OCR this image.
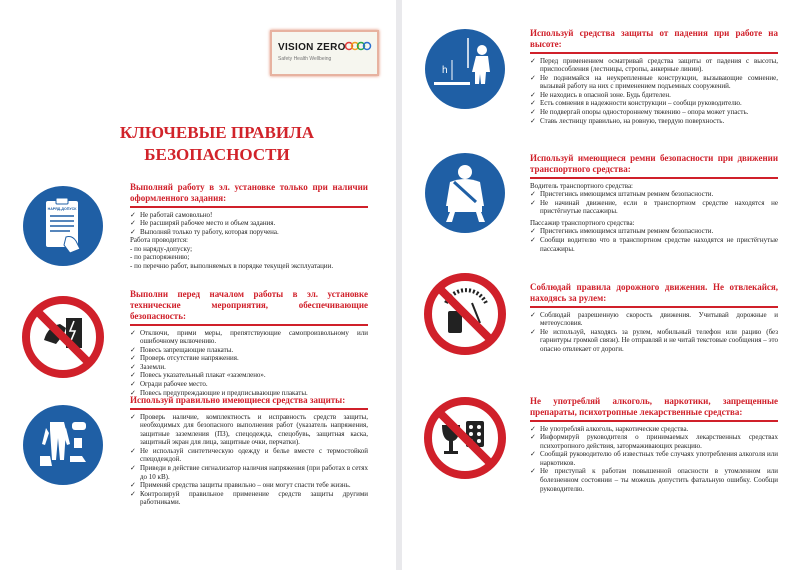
VISION ZERO
Safety Health Wellbeing
КЛЮЧЕВЫЕ ПРАВИЛА
БЕЗОПАСНОСТИ
НАРЯД-ДОПУСК
Выполняй работу в эл. установке только при наличии оформленного задания:
✓ Не работай самовольно!
✓ Не расширяй рабочее место и объем задания.
✓ Выполняй только ту работу, которая поручена.
Работа проводится:
- по наряду-допуску;
- по распоряжению;
- по перечню работ, выполняемых в порядке текущей эксплуатации.
Выполни перед началом работы в эл. установке технические мероприятия, обеспечивающие безопасность:
✓ Отключи, прими меры, препятствующие самопроизвольному или ошибочному включению.
✓ Повесь запрещающие плакаты.
✓ Проверь отсутствие напряжения.
✓ Заземли.
✓ Повесь указательный плакат «заземлено».
✓ Огради рабочее место.
✓ Повесь предупреждающие и предписывающие плакаты.
Используй правильно имеющиеся средства защиты:
✓ Проверь наличие, комплектность и исправность средств защиты, необходимых для безопасного выполнения работ (указатель напряжения, защитные заземления (ПЗ), спецодежда, спецобувь, защитная каска, защитный экран для лица, защитные очки, перчатки).
✓ Не используй синтетическую одежду и белье вместе с термостойкой спецодеждой.
✓ Приведи в действие сигнализатор наличия напряжения (при работах в сетях до 10 кВ).
✓ Применяй средства защиты правильно – они могут спасти тебе жизнь.
✓ Контролируй правильное применение средств защиты другими работниками.
h
Используй средства защиты от падения при работе на высоте:
✓ Перед применением осматривай средства защиты от падения с высоты, приспособления (лестницы, стропы, анкерные линии).
✓ Не поднимайся на неукрепленные конструкции, вызывающие сомнение, вызывай работу на них с применением подъемных сооружений.
✓ Не находись в опасной зоне. Будь бдителен.
✓ Есть сомнения в надежности конструкции – сообщи руководителю.
✓ Не подвергай опоры одностороннему тяжению – опора может упасть.
✓ Ставь лестницу правильно, на ровную, твердую поверхность.
Используй имеющиеся ремни безопасности при движении транспортного средства:
Водитель транспортного средства:
✓ Пристегнись имеющимся штатным ремнем безопасности.
✓ Не начинай движение, если в транспортном средстве находятся не пристёгнутые пассажиры.
Пассажир транспортного средства:
✓ Пристегнись имеющимся штатным ремнем безопасности.
✓ Сообщи водителю что в транспортном средстве находятся не пристёгнутые пассажиры.
Соблюдай правила дорожного движения. Не отвлекайся, находясь за рулем:
✓ Соблюдай разрешенную скорость движения. Учитывай дорожные и метеоусловия.
✓ Не используй, находясь за рулем, мобильный телефон или рацию (без гарнитуры громкой связи). Не отправляй и не читай текстовые сообщения – это опасно отвлекает от дороги.
Не употребляй алкоголь, наркотики, запрещенные препараты, психотропные лекарственные средства:
✓ Не употребляй алкоголь, наркотические средства.
✓ Информируй руководителя о принимаемых лекарственных средствах психотропного действия, затормаживающих реакцию.
✓ Сообщай руководителю об известных тебе случаях употребления алкоголя или наркотиков.
✓ Не приступай к работам повышенной опасности в утомленном или болезненном состоянии – ты можешь допустить фатальную ошибку. Сообщи руководителю.
